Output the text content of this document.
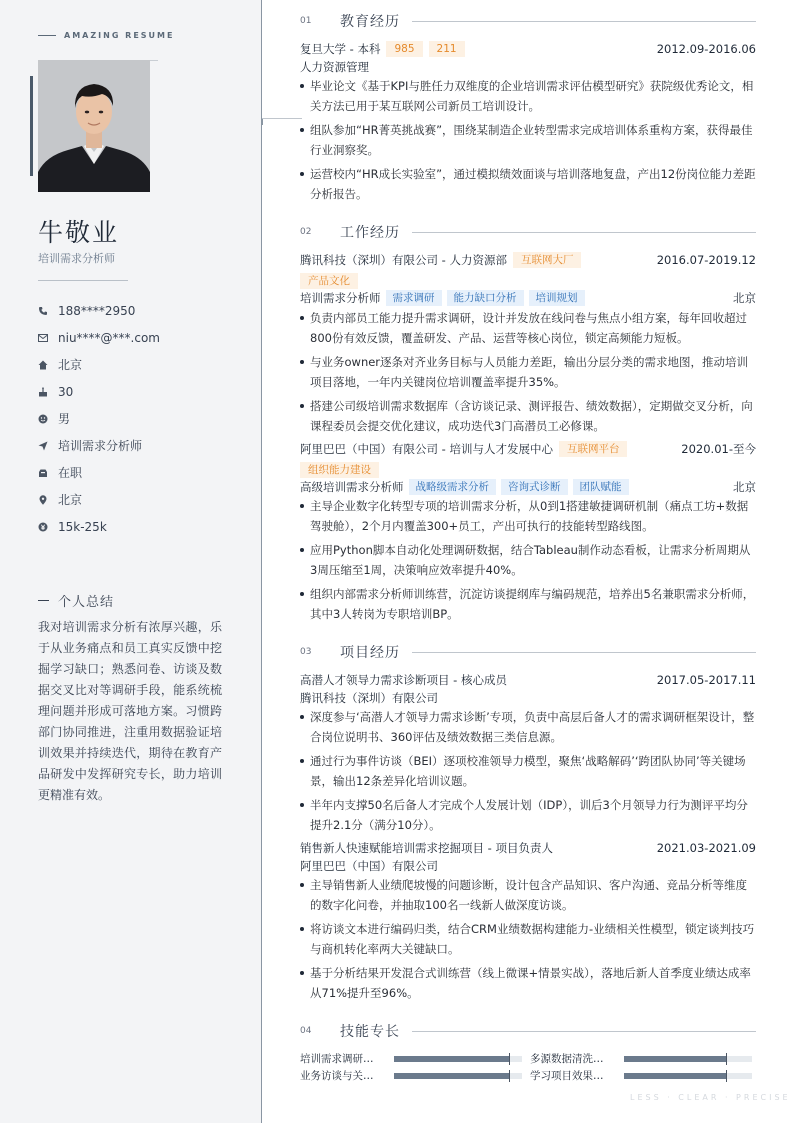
AMAZING RESUME
牛敬业
培训需求分析师
188****2950
niu****@***.com
北京
30
男
培训需求分析师
在职
北京
15k-25k
个人总结
我对培训需求分析有浓厚兴趣，乐于从业务痛点和员工真实反馈中挖掘学习缺口；熟悉问卷、访谈及数据交叉比对等调研手段，能系统梳理问题并形成可落地方案。习惯跨部门协同推进，注重用数据验证培训效果并持续迭代，期待在教育产品研发中发挥研究专长，助力培训更精准有效。
01	教育经历
复旦大学 - 本科	985	211	2012.09-2016.06
人力资源管理
毕业论文《基于KPI与胜任力双维度的企业培训需求评估模型研究》获院级优秀论文，相关方法已用于某互联网公司新员工培训设计。
组队参加“HR菁英挑战赛”，围绕某制造企业转型需求完成培训体系重构方案，获得最佳行业洞察奖。
运营校内“HR成长实验室”，通过模拟绩效面谈与培训落地复盘，产出12份岗位能力差距分析报告。
02	工作经历
腾讯科技（深圳）有限公司 - 人力资源部	互联网大厂	2016.07-2019.12
产品文化
培训需求分析师	需求调研	能力缺口分析	培训规划	北京
负责内部员工能力提升需求调研，设计并发放在线问卷与焦点小组方案，每年回收超过800份有效反馈，覆盖研发、产品、运营等核心岗位，锁定高频能力短板。
与业务owner逐条对齐业务目标与人员能力差距，输出分层分类的需求地图，推动培训项目落地，一年内关键岗位培训覆盖率提升35%。
搭建公司级培训需求数据库（含访谈记录、测评报告、绩效数据），定期做交叉分析，向课程委员会提交优化建议，成功迭代3门高潜员工必修课。
阿里巴巴（中国）有限公司 - 培训与人才发展中心	互联网平台	2020.01-至今
组织能力建设
高级培训需求分析师	战略级需求分析	咨询式诊断	团队赋能	北京
主导企业数字化转型专项的培训需求分析，从0到1搭建敏捷调研机制（痛点工坊+数据驾驶舱），2个月内覆盖300+员工，产出可执行的技能转型路线图。
应用Python脚本自动化处理调研数据，结合Tableau制作动态看板，让需求分析周期从3周压缩至1周，决策响应效率提升40%。
组织内部需求分析师训练营，沉淀访谈提纲库与编码规范，培养出5名兼职需求分析师，其中3人转岗为专职培训BP。
03	项目经历
高潜人才领导力需求诊断项目 - 核心成员	2017.05-2017.11
腾讯科技（深圳）有限公司
深度参与‘高潜人才领导力需求诊断’专项，负责中高层后备人才的需求调研框架设计，整合岗位说明书、360评估及绩效数据三类信息源。
通过行为事件访谈（BEI）逐项校准领导力模型，聚焦‘战略解码’‘跨团队协同’等关键场景，输出12条差异化培训议题。
半年内支撑50名后备人才完成个人发展计划（IDP），训后3个月领导力行为测评平均分提升2.1分（满分10分）。
销售新人快速赋能培训需求挖掘项目 - 项目负责人	2021.03-2021.09
阿里巴巴（中国）有限公司
主导销售新人业绩爬坡慢的问题诊断，设计包含产品知识、客户沟通、竞品分析等维度的数字化问卷，并抽取100名一线新人做深度访谈。
将访谈文本进行编码归类，结合CRM业绩数据构建能力-业绩相关性模型，锁定谈判技巧与商机转化率两大关键缺口。
基于分析结果开发混合式训练营（线上微课+情景实战），落地后新人首季度业绩达成率从71%提升至96%。
04	技能专长
培训需求调研…	多源数据清洗…
业务访谈与关…	学习项目效果…
LESS · CLEAR · PRECISE
